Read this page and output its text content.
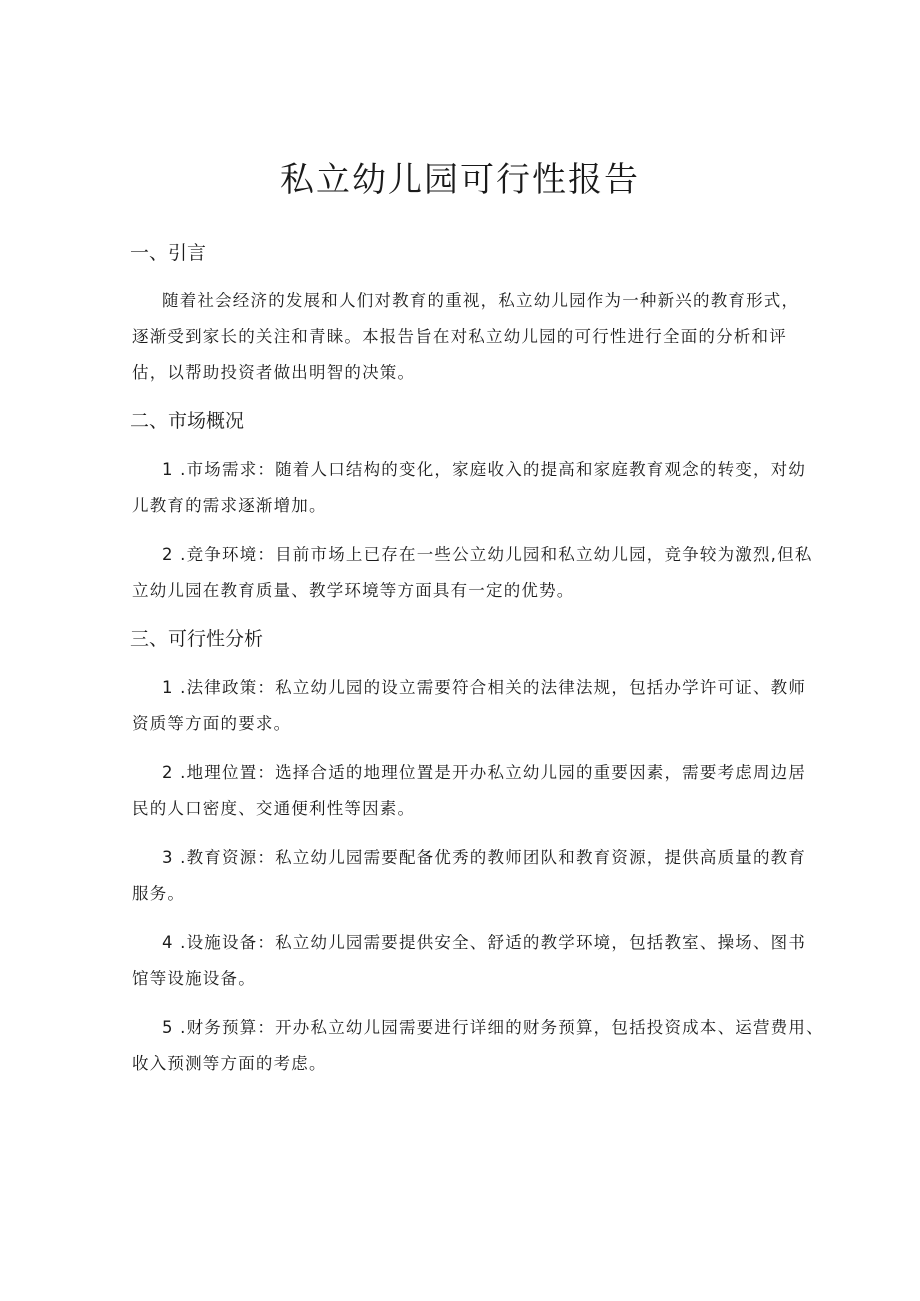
私立幼儿园可行性报告
一、引言

随着社会经济的发展和人们对教育的重视，私立幼儿园作为一种新兴的教育形式，
逐渐受到家长的关注和青睐。本报告旨在对私立幼儿园的可行性进行全面的分析和评
估，以帮助投资者做出明智的决策。

二、市场概况

1 .市场需求：随着人口结构的变化，家庭收入的提高和家庭教育观念的转变，对幼
儿教育的需求逐渐增加。

2 .竞争环境：目前市场上已存在一些公立幼儿园和私立幼儿园，竞争较为激烈,但私
立幼儿园在教育质量、教学环境等方面具有一定的优势。

三、可行性分析

1 .法律政策：私立幼儿园的设立需要符合相关的法律法规，包括办学许可证、教师
资质等方面的要求。

2 .地理位置：选择合适的地理位置是开办私立幼儿园的重要因素，需要考虑周边居
民的人口密度、交通便利性等因素。

3 .教育资源：私立幼儿园需要配备优秀的教师团队和教育资源，提供高质量的教育
服务。

4 .设施设备：私立幼儿园需要提供安全、舒适的教学环境，包括教室、操场、图书
馆等设施设备。

5 .财务预算：开办私立幼儿园需要进行详细的财务预算，包括投资成本、运营费用、
收入预测等方面的考虑。
